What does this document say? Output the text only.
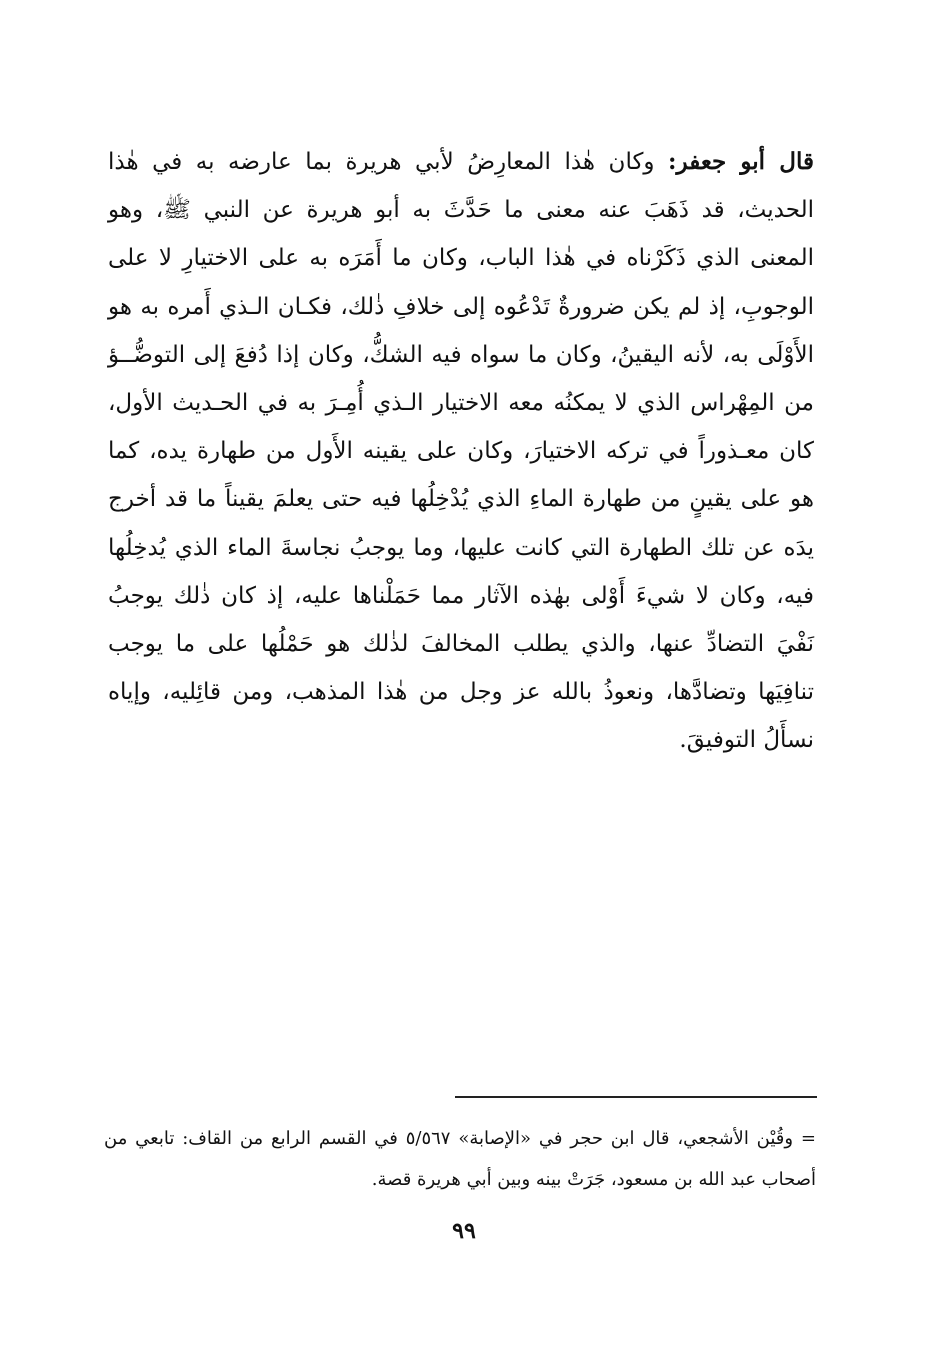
قال أبو جعفر: وكان هٰذا المعارِضُ لأبي هريرة بما عارضه به في هٰذا الحديث، قد ذَهَبَ عنه معنى ما حَدَّثَ به أبو هريرة عن النبي ﷺ، وهو المعنى الذي ذَكَرْناه في هٰذا الباب، وكان ما أَمَرَه به على الاختيارِ لا على الوجوبِ، إذ لم يكن ضرورةٌ تَدْعُوه إلى خلافِ ذٰلك، فكـان الـذي أَمره به هو الأَوْلَى به، لأنه اليقينُ، وكان ما سواه فيه الشكُّ، وكان إذا دُفعَ إلى التوضُّــؤ من المِهْراس الذي لا يمكنُه معه الاختيار الـذي أُمِـرَ به في الحـديث الأول، كان معـذوراً في تركه الاختيارَ، وكان على يقينه الأَول من طهارة يده، كما هو على يقينٍ من طهارة الماءِ الذي يُدْخِلُها فيه حتى يعلمَ يقيناً ما قد أخرج يدَه عن تلك الطهارة التي كانت عليها، وما يوجبُ نجاسةَ الماء الذي يُدخِلُها فيه، وكان لا شيءَ أَوْلى بهٰذه الآثار مما حَمَلْناها عليه، إذ كان ذٰلك يوجبُ نَفْيَ التضادِّ عنها، والذي يطلب المخالفَ لذٰلك هو حَمْلُها على ما يوجب تنافِيَها وتضادَّها، ونعوذُ بالله عز وجل من هٰذا المذهب، ومن قائِليه، وإياه نسأَلُ التوفيقَ.

= وقُيْن الأشجعي، قال ابن حجر في «الإصابة» ٥/٥٦٧ في القسم الرابع من القاف: تابعي من أصحاب عبد الله بن مسعود، جَرَتْ بينه وبين أبي هريرة قصة.

٩٩
